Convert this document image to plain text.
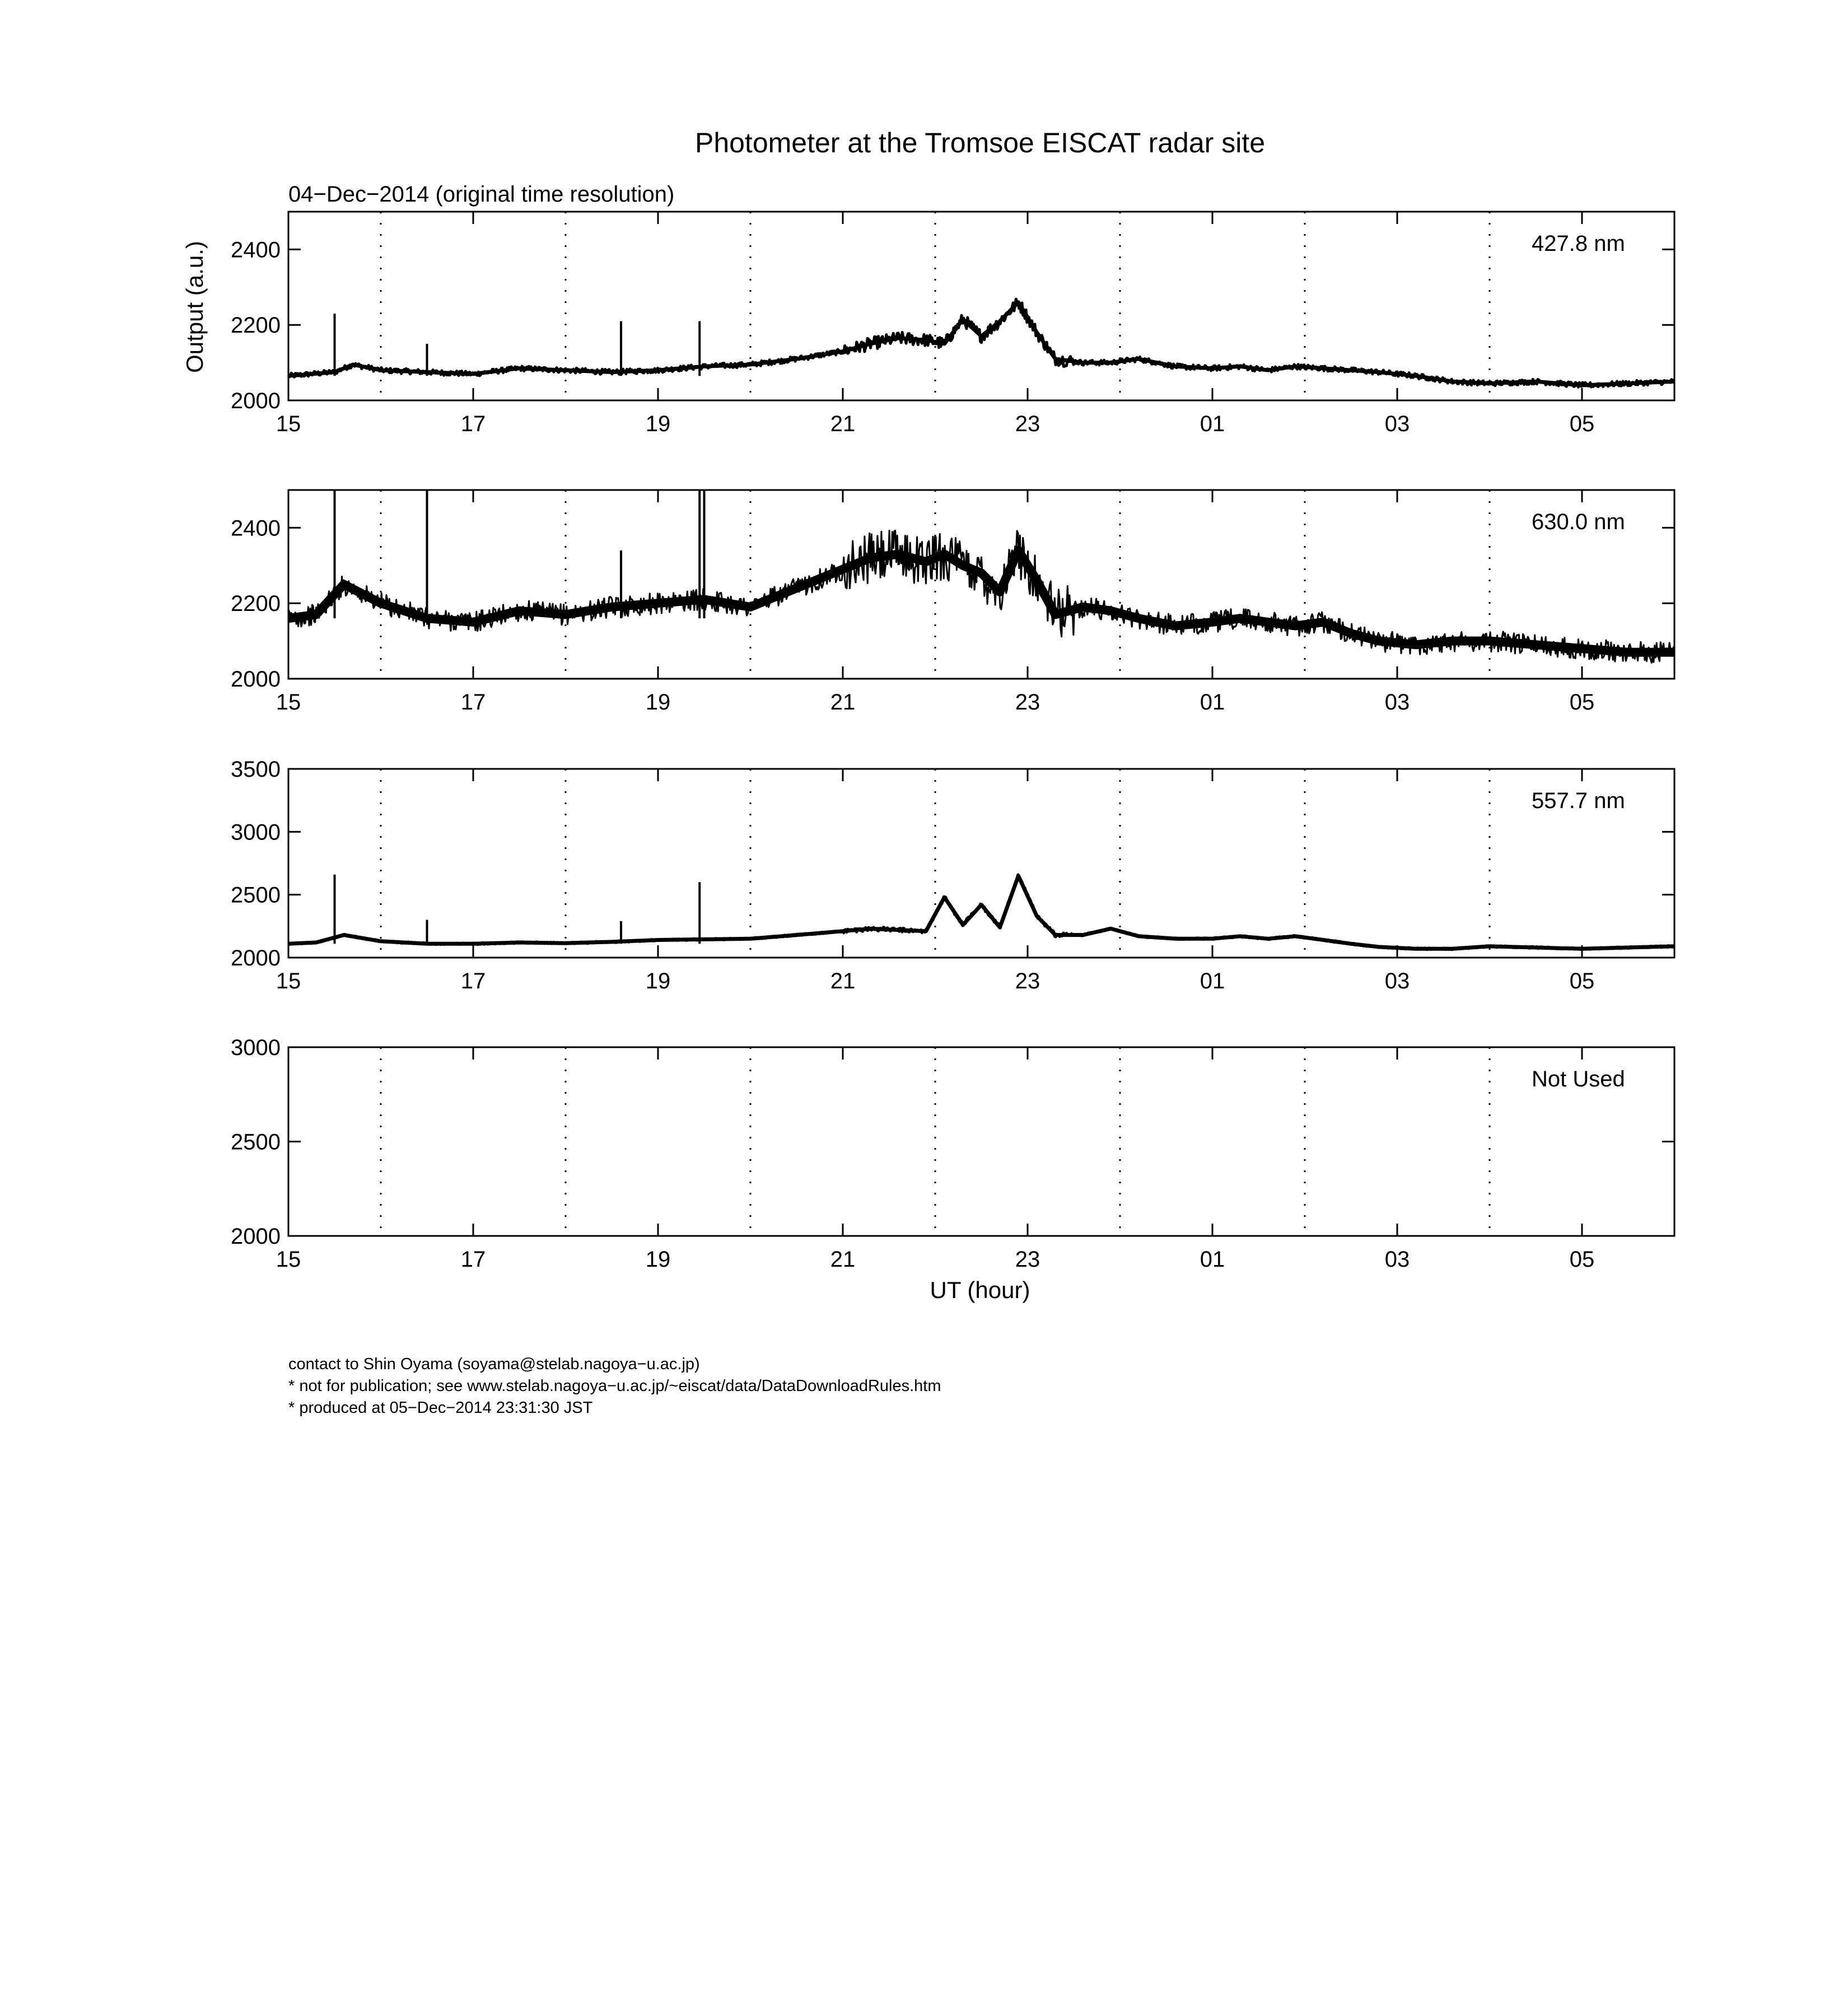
Photometer at the Tromsoe EISCAT radar site
04−Dec−2014 (original time resolution)
Output (a.u.)
2000
2200
2400
15	17	19	21	23	01	03	05
427.8 nm
2000
2200
2400
15	17	19	21	23	01	03	05
630.0 nm
2000
2500
3000
3500
15	17	19	21	23	01	03	05
557.7 nm
2000
2500
3000
15	17	19	21	23	01	03	05
Not Used
UT (hour)
contact to Shin Oyama (soyama@stelab.nagoya−u.ac.jp)
* not for publication; see www.stelab.nagoya−u.ac.jp/~eiscat/data/DataDownloadRules.htm
* produced at 05−Dec−2014 23:31:30 JST
